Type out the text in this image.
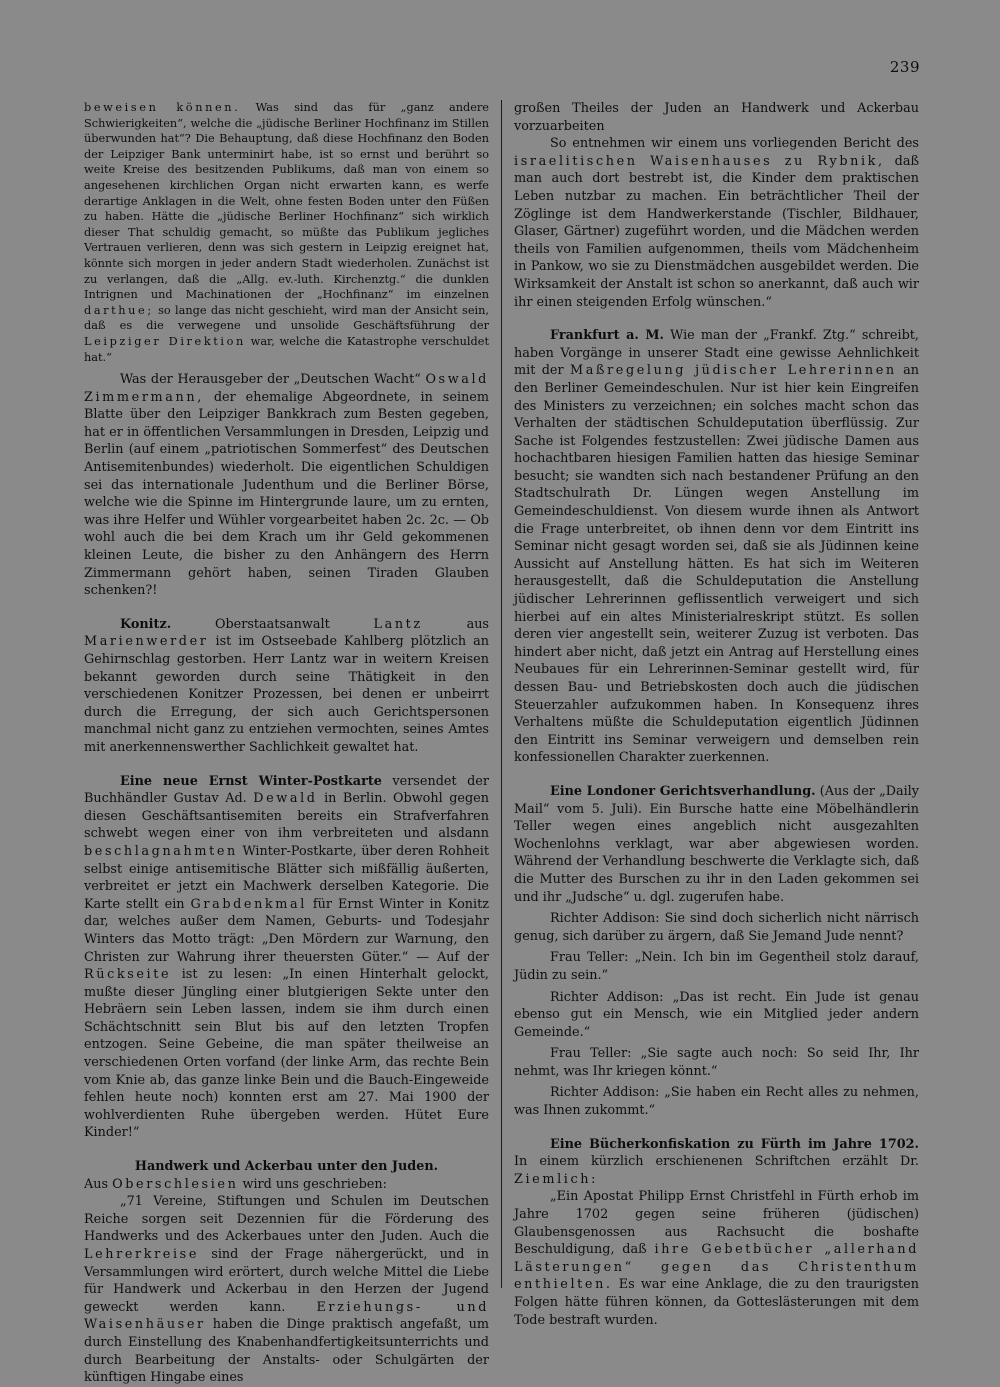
239

beweisen können. Was sind das für „ganz andere Schwierigkeiten“, welche die „jüdische Berliner Hochfinanz im Stillen überwunden hat“? Die Behauptung, daß diese Hochfinanz den Boden der Leipziger Bank unterminirt habe, ist so ernst und berührt so weite Kreise des besitzenden Publikums, daß man von einem so angesehenen kirchlichen Organ nicht erwarten kann, es werfe derartige Anklagen in die Welt, ohne festen Boden unter den Füßen zu haben. Hätte die „jüdische Berliner Hochfinanz“ sich wirklich dieser That schuldig gemacht, so müßte das Publikum jegliches Vertrauen verlieren, denn was sich gestern in Leipzig ereignet hat, könnte sich morgen in jeder andern Stadt wiederholen. Zunächst ist zu verlangen, daß die „Allg. ev.-luth. Kirchenztg.“ die dunklen Intrignen und Machinationen der „Hochfinanz“ im einzelnen darthue; so lange das nicht geschieht, wird man der Ansicht sein, daß es die verwegene und unsolide Geschäftsführung der Leipziger Direktion war, welche die Katastrophe verschuldet hat.“

Was der Herausgeber der „Deutschen Wacht“ Oswald Zimmermann, der ehemalige Abgeordnete, in seinem Blatte über den Leipziger Bankkrach zum Besten gegeben, hat er in öffentlichen Versammlungen in Dresden, Leipzig und Berlin (auf einem „patriotischen Sommerfest“ des Deutschen Antisemitenbundes) wiederholt. Die eigentlichen Schuldigen sei das internationale Judenthum und die Berliner Börse, welche wie die Spinne im Hintergrunde laure, um zu ernten, was ihre Helfer und Wühler vorgearbeitet haben 2c. 2c. — Ob wohl auch die bei dem Krach um ihr Geld gekommenen kleinen Leute, die bisher zu den Anhängern des Herrn Zimmermann gehört haben, seinen Tiraden Glauben schenken?!

Konitz. Oberstaatsanwalt	Lantz aus Marienwerder ist im Ostseebade Kahlberg plötzlich an Gehirnschlag gestorben. Herr Lantz war in weitern Kreisen bekannt geworden durch seine Thätigkeit in den verschiedenen Konitzer Prozessen, bei denen er unbeirrt durch die Erregung, der sich auch Gerichtspersonen manchmal nicht ganz zu entziehen vermochten, seines Amtes mit anerkennenswerther Sachlichkeit gewaltet hat.

Eine neue Ernst Winter-Postkarte versendet der Buchhändler Gustav Ad. Dewald in Berlin. Obwohl gegen diesen Geschäftsantisemiten bereits ein Strafverfahren schwebt wegen einer von ihm verbreiteten und alsdann beschlagnahmten Winter-Postkarte, über deren Rohheit selbst einige antisemitische Blätter sich mißfällig äußerten, verbreitet er jetzt ein Machwerk derselben Kategorie. Die Karte stellt ein Grabdenkmal für Ernst Winter in Konitz dar, welches außer dem Namen, Geburts- und Todesjahr Winters das Motto trägt: „Den Mördern zur Warnung, den Christen zur Wahrung ihrer theuersten Güter.“ — Auf der Rückseite ist zu lesen: „In einen Hinterhalt gelockt, mußte dieser Jüngling einer blutgierigen Sekte unter den Hebräern sein Leben lassen, indem sie ihm durch einen Schächtschnitt sein Blut bis auf den letzten Tropfen entzogen. Seine Gebeine, die man später theilweise an verschiedenen Orten vorfand (der linke Arm, das rechte Bein vom Knie ab, das ganze linke Bein und die Bauch-Eingeweide fehlen heute noch) konnten erst am 27. Mai 1900 der wohlverdienten Ruhe übergeben werden. Hütet Eure Kinder!“

Handwerk und Ackerbau unter den Juden.

Aus Oberschlesien wird uns geschrieben:

„71 Vereine, Stiftungen und Schulen im Deutschen Reiche sorgen seit Dezennien für die Förderung des Handwerks und des Ackerbaues unter den Juden. Auch die Lehrerkreise sind der Frage nähergerückt, und in Versammlungen wird erörtert, durch welche Mittel die Liebe für Handwerk und Ackerbau in den Herzen der Jugend geweckt werden kann. Erziehungs- und Waisenhäuser haben die Dinge praktisch angefaßt, um durch Einstellung des Knabenhandfertigkeitsunterrichts und durch Bearbeitung der Anstalts- oder Schulgärten der künftigen Hingabe eines

großen Theiles der Juden an Handwerk und Ackerbau vorzuarbeiten

So entnehmen wir einem uns vorliegenden Bericht des israelitischen Waisenhauses zu Rybnik, daß man auch dort bestrebt ist, die Kinder dem praktischen Leben nutzbar zu machen. Ein beträchtlicher Theil der Zöglinge ist dem Handwerkerstande (Tischler, Bildhauer, Glaser, Gärtner) zugeführt worden, und die Mädchen werden theils von Familien aufgenommen, theils vom Mädchenheim in Pankow, wo sie zu Dienstmädchen ausgebildet werden. Die Wirksamkeit der Anstalt ist schon so anerkannt, daß auch wir ihr einen steigenden Erfolg wünschen.“

Frankfurt a. M. Wie man der „Frankf. Ztg.“ schreibt, haben Vorgänge in unserer Stadt eine gewisse Aehnlichkeit mit der Maßregelung jüdischer Lehrerinnen an den Berliner Gemeindeschulen. Nur ist hier kein Eingreifen des Ministers zu verzeichnen; ein solches macht schon das Verhalten der städtischen Schuldeputation überflüssig. Zur Sache ist Folgendes festzustellen: Zwei jüdische Damen aus hochachtbaren hiesigen Familien hatten das hiesige Seminar besucht; sie wandten sich nach bestandener Prüfung an den Stadtschulrath Dr. Lüngen wegen Anstellung im Gemeindeschuldienst. Von diesem wurde ihnen als Antwort die Frage unterbreitet, ob ihnen denn vor dem Eintritt ins Seminar nicht gesagt worden sei, daß sie als Jüdinnen keine Aussicht auf Anstellung hätten. Es hat sich im Weiteren herausgestellt, daß die Schuldeputation die Anstellung jüdischer Lehrerinnen geflissentlich verweigert und sich hierbei auf ein altes Ministerialreskript stützt. Es sollen deren vier angestellt sein, weiterer Zuzug ist verboten. Das hindert aber nicht, daß jetzt ein Antrag auf Herstellung eines Neubaues für ein Lehrerinnen-Seminar gestellt wird, für dessen Bau- und Betriebskosten doch auch die jüdischen Steuerzahler aufzukommen haben. In Konsequenz ihres Verhaltens müßte die Schuldeputation eigentlich Jüdinnen den Eintritt ins Seminar verweigern und demselben rein konfessionellen Charakter zuerkennen.

Eine Londoner Gerichtsverhandlung. (Aus der „Daily Mail“ vom 5. Juli). Ein Bursche hatte eine Möbelhändlerin Teller wegen eines angeblich nicht ausgezahlten Wochenlohns verklagt, war aber abgewiesen worden. Während der Verhandlung beschwerte die Verklagte sich, daß die Mutter des Burschen zu ihr in den Laden gekommen sei und ihr „Judsche“ u. dgl. zugerufen habe.

Richter Addison: Sie sind doch sicherlich nicht närrisch genug, sich darüber zu ärgern, daß Sie Jemand Jude nennt?

Frau Teller: „Nein. Ich bin im Gegentheil stolz darauf, Jüdin zu sein.“

Richter Addison: „Das ist recht. Ein Jude ist genau ebenso gut ein Mensch, wie ein Mitglied jeder andern Gemeinde.“

Frau Teller: „Sie sagte auch noch: So seid Ihr, Ihr nehmt, was Ihr kriegen könnt.“

Richter Addison: „Sie haben ein Recht alles zu nehmen, was Ihnen zukommt.“

Eine Bücherkonfiskation zu Fürth im Jahre 1702. In einem kürzlich erschienenen Schriftchen erzählt Dr. Ziemlich:

„Ein Apostat Philipp Ernst Christfehl in Fürth erhob im Jahre 1702 gegen seine früheren (jüdischen) Glaubensgenossen aus Rachsucht die boshafte Beschuldigung, daß ihre Gebetbücher „allerhand Lästerungen“ gegen das Christenthum enthielten. Es war eine Anklage, die zu den traurigsten Folgen hätte führen können, da Gotteslästerungen mit dem Tode bestraft wurden.
